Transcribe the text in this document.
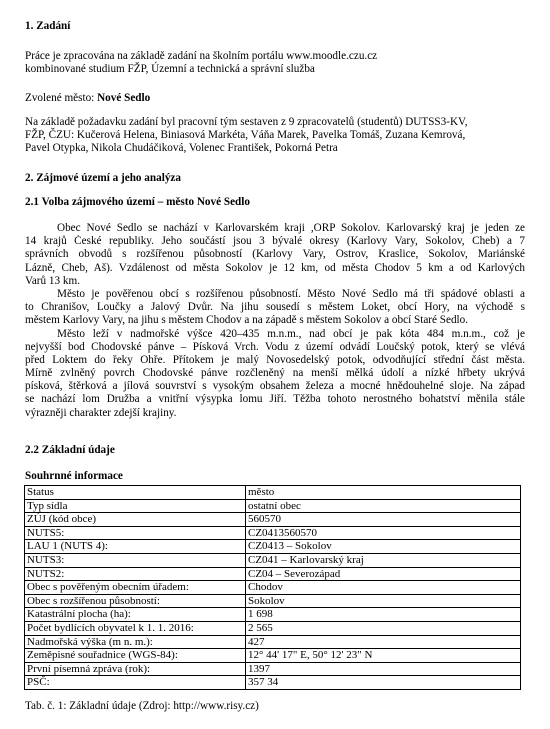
1. Zadání
Práce je zpracována na základě zadání na školním portálu www.moodle.czu.cz
kombinované studium FŽP, Územní a technická a správní služba
Zvolené město: Nové Sedlo
Na základě požadavku zadání byl pracovní tým sestaven z 9 zpracovatelů (studentů) DUTSS3-KV,
FŽP, ČZU: Kučerová Helena, Biniasová Markéta, Váňa Marek, Pavelka Tomáš, Zuzana Kemrová,
Pavel Otypka, Nikola Chudáčiková, Volenec František, Pokorná Petra
2. Zájmové území a jeho analýza
2.1 Volba zájmového území – město Nové Sedlo
Obec Nové Sedlo se nachází v Karlovarském kraji ,ORP Sokolov. Karlovarský kraj je jeden ze
14 krajů České republiky. Jeho součástí jsou 3 bývalé okresy (Karlovy Vary, Sokolov, Cheb) a 7
správních obvodů s rozšířenou působností (Karlovy Vary, Ostrov, Kraslice, Sokolov, Mariánské
Lázně, Cheb, Aš). Vzdálenost od města Sokolov je 12 km, od města Chodov 5 km a od Karlových
Varů 13 km.
Město je pověřenou obcí s rozšířenou působností. Město Nové Sedlo má tři spádové oblasti a
to Chranišov, Loučky a Jalový Dvůr. Na jihu sousedí s městem Loket, obcí Hory, na východě s
městem Karlovy Vary, na jihu s městem Chodov a na západě s městem Sokolov a obcí Staré Sedlo.
Město leží v nadmořské výšce 420–435 m.n.m., nad obcí je pak kóta 484 m.n.m., což je
nejvyšší bod Chodovské pánve – Písková Vrch. Vodu z území odvádí Loučský potok, který se vlévá
před Loktem do řeky Ohře. Přítokem je malý Novosedelský potok, odvodňující střední část města.
Mírně zvlněný povrch Chodovské pánve rozčleněný na menší mělká údolí a nízké hřbety ukrývá
písková, štěrková a jílová souvrství s vysokým obsahem železa a mocné hnědouhelné sloje. Na západ
se nachází lom Družba a vnitřní výsypka lomu Jiří. Těžba tohoto nerostného bohatství měnila stále
výrazněji charakter zdejší krajiny.
2.2 Základní údaje
Souhrnné informace
Status	město
Typ sídla	ostatní obec
ZÚJ (kód obce)	560570
NUTS5:	CZ0413560570
LAU 1 (NUTS 4):	CZ0413 – Sokolov
NUTS3:	CZ041 – Karlovarský kraj
NUTS2:	CZ04 – Severozápad
Obec s pověřeným obecním úřadem:	Chodov
Obec s rozšířenou působností:	Sokolov
Katastrální plocha (ha):	1 698
Počet bydlících obyvatel k 1. 1. 2016:	2 565
Nadmořská výška (m n. m.):	427
Zeměpisné souřadnice (WGS-84):	12° 44' 17" E, 50° 12' 23" N
První písemná zpráva (rok):	1397
PSČ:	357 34
Tab. č. 1: Základní údaje (Zdroj: http://www.risy.cz)
